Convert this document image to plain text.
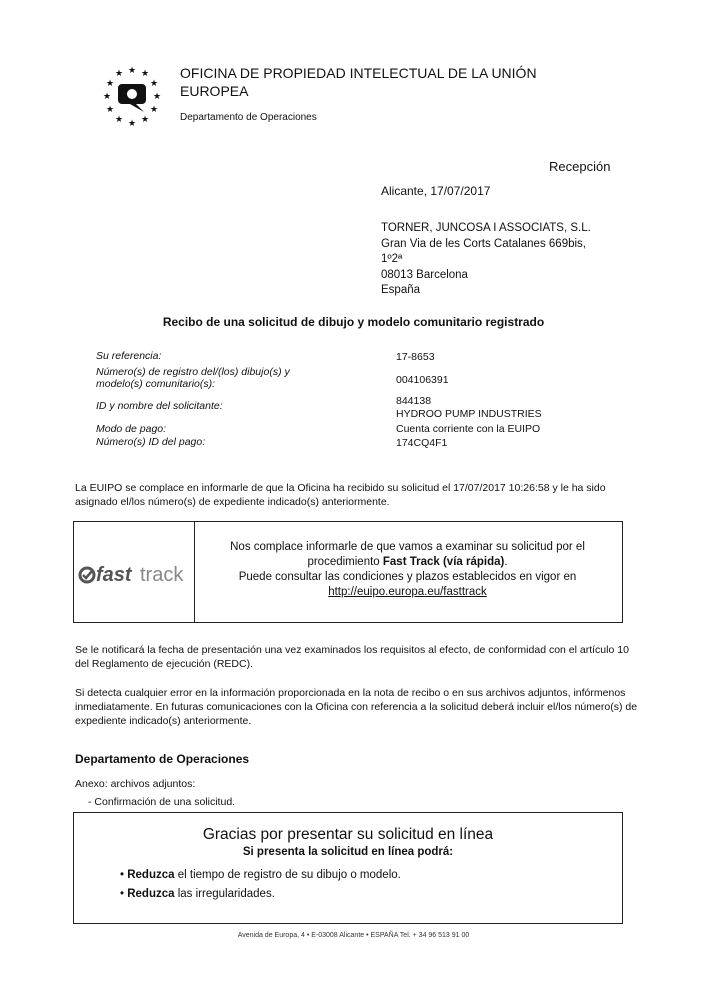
★ ★
★
★
★
★
★
★
★
★
★
★	OFICINA DE PROPIEDAD INTELECTUAL DE LA UNIÓN
EUROPEA
Departamento de Operaciones
Recepción
Alicante, 17/07/2017
TORNER, JUNCOSA I ASSOCIATS, S.L.
Gran Via de les Corts Catalanes 669bis,
1º2ª
08013 Barcelona
España
Recibo de una solicitud de dibujo y modelo comunitario registrado
Su referencia:	17-8653
Número(s) de registro del/(los) dibujo(s) y
modelo(s) comunitario(s):	004106391
ID y nombre del solicitante:	844138
HYDROO PUMP INDUSTRIES
Modo de pago:	Cuenta corriente con la EUIPO
Número(s) ID del pago:	174CQ4F1
La EUIPO se complace en informarle de que la Oficina ha recibido su solicitud el 17/07/2017 10:26:58 y le ha sido asignado el/los número(s) de expediente indicado(s) anteriormente.
fast track
Nos complace informarle de que vamos a examinar su solicitud por el
procedimiento Fast Track (vía rápida).
Puede consultar las condiciones y plazos establecidos en vigor en
http://euipo.europa.eu/fasttrack
Se le notificará la fecha de presentación una vez examinados los requisitos al efecto, de conformidad con el artículo 10 del Reglamento de ejecución (REDC).
Si detecta cualquier error en la información proporcionada en la nota de recibo o en sus archivos adjuntos, infórmenos inmediatamente. En futuras comunicaciones con la Oficina con referencia a la solicitud deberá incluir el/los número(s) de expediente indicado(s) anteriormente.
Departamento de Operaciones
Anexo: archivos adjuntos:
- Confirmación de una solicitud.
Gracias por presentar su solicitud en línea
Si presenta la solicitud en línea podrá:
• Reduzca el tiempo de registro de su dibujo o modelo.
• Reduzca las irregularidades.
Avenida de Europa, 4 • E-03008 Alicante • ESPAÑA Tel. + 34 96 513 91 00
